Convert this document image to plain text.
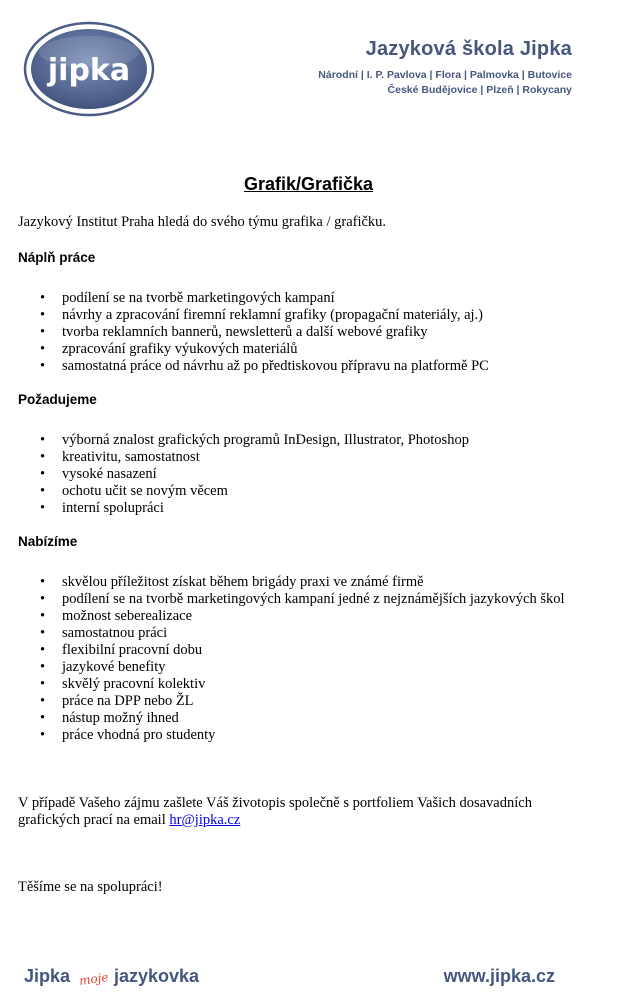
jipka
Jazyková škola Jipka
Národní | I. P. Pavlova | Flora | Palmovka | Butovice
České Budějovice | Plzeň | Rokycany
Grafik/Grafička

Jazykový Institut Praha hledá do svého týmu grafika / grafičku.

Náplň práce

• podílení se na tvorbě marketingových kampaní
• návrhy a zpracování firemní reklamní grafiky (propagační materiály, aj.)
• tvorba reklamních bannerů, newsletterů a další webové grafiky
• zpracování grafiky výukových materiálů
• samostatná práce od návrhu až po předtiskovou přípravu na platformě PC

Požadujeme

• výborná znalost grafických programů InDesign, Illustrator, Photoshop
• kreativitu, samostatnost
• vysoké nasazení
• ochotu učit se novým věcem
• interní spolupráci

Nabízíme

• skvělou příležitost získat během brigády praxi ve známé firmě
• podílení se na tvorbě marketingových kampaní jedné z nejznámějších jazykových škol
• možnost seberealizace
• samostatnou práci
• flexibilní pracovní dobu
• jazykové benefity
• skvělý pracovní kolektiv
• práce na DPP nebo ŽL
• nástup možný ihned
• práce vhodná pro studenty

V případě Vašeho zájmu zašlete Váš životopis společně s portfoliem Vašich dosavadních

grafických prací na email hr@jipka.cz

Těšíme se na spolupráci!

Jipka moje jazykovka	www.jipka.cz
